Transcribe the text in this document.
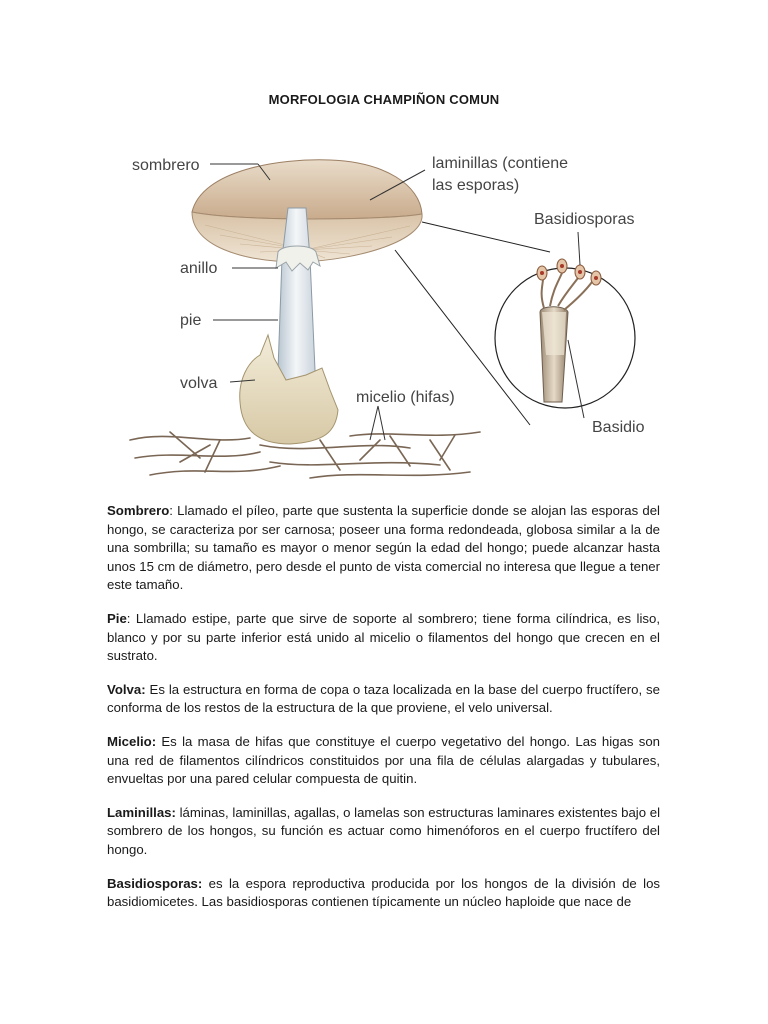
MORFOLOGIA CHAMPIÑON COMUN
sombrero
anillo
pie
volva
laminillas (contiene
las esporas)
Basidiosporas
micelio (hifas)
Basidio

Sombrero: Llamado el píleo, parte que sustenta la superficie donde se alojan las esporas del hongo, se caracteriza por ser carnosa; poseer una forma redondeada, globosa similar a la de una sombrilla; su tamaño es mayor o menor según la edad del hongo; puede alcanzar hasta unos 15 cm de diámetro, pero desde el punto de vista comercial no interesa que llegue a tener este tamaño.

Pie: Llamado estipe, parte que sirve de soporte al sombrero; tiene forma cilíndrica, es liso, blanco y por su parte inferior está unido al micelio o filamentos del hongo que crecen en el sustrato.

Volva: Es la estructura en forma de copa o taza localizada en la base del cuerpo fructífero, se conforma de los restos de la estructura de la que proviene, el velo universal.

Micelio: Es la masa de hifas que constituye el cuerpo vegetativo del hongo. Las higas son una red de filamentos cilíndricos constituidos por una fila de células alargadas y tubulares, envueltas por una pared celular compuesta de quitin.

Laminillas: láminas, laminillas, agallas, o lamelas son estructuras laminares existentes bajo el sombrero de los hongos, su función es actuar como himenóforos en el cuerpo fructífero del hongo.

Basidiosporas: es la espora reproductiva producida por los hongos de la división de los basidiomicetes. Las basidiosporas contienen típicamente un núcleo haploide que nace de
